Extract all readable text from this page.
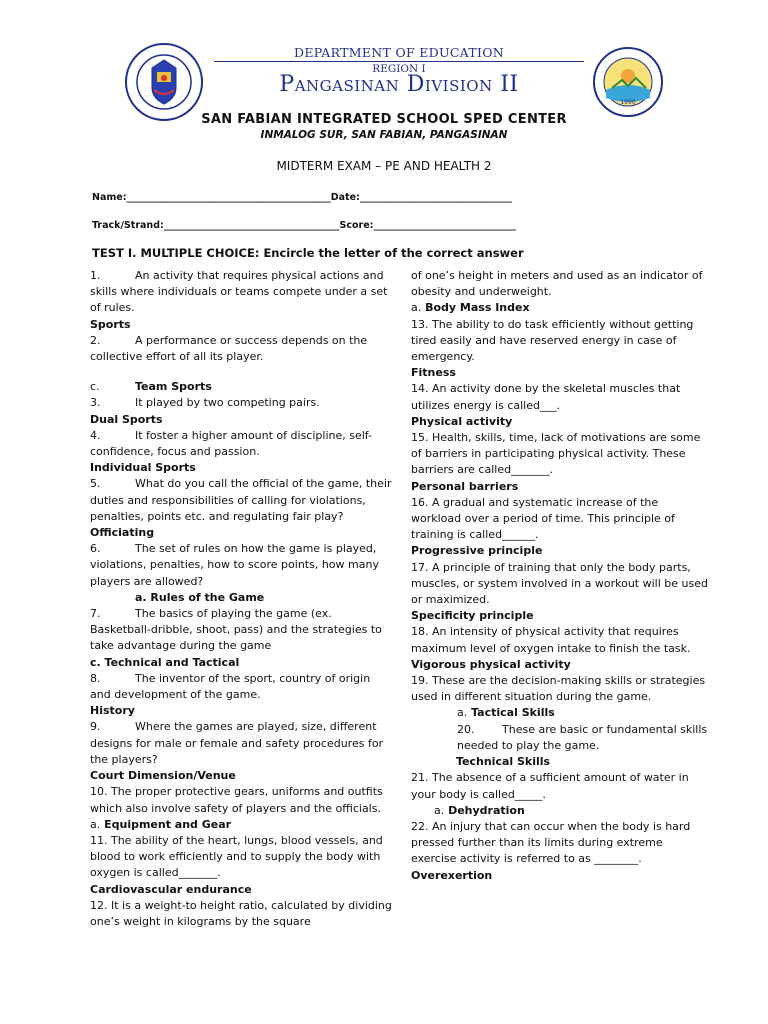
1990
DEPARTMENT OF EDUCATION
REGION I
Pangasinan Division II
SAN FABIAN INTEGRATED SCHOOL SPED CENTER
INMALOG SUR, SAN FABIAN, PANGASINAN
MIDTERM EXAM – PE AND HEALTH 2
Name:___________________________________________Date:________________________________
Track/Strand:_____________________________________Score:______________________________
TEST I. MULTIPLE CHOICE: Encircle the letter of the correct answer

1.	An activity that requires physical actions and skills where individuals or teams compete under a set of rules.

Sports

2.	A performance or success depends on the collective effort of all its player.

c.	Team Sports

3.	It played by two competing pairs.

Dual Sports

4.	It foster a higher amount of discipline, self-confidence, focus and passion.

Individual Sports

5.	What do you call the official of the game, their duties and responsibilities of calling for violations, penalties, points etc. and regulating fair play?

Officiating

6.	The set of rules on how the game is played, violations, penalties, how to score points, how many players are allowed?

a. Rules of the Game

7.	The basics of playing the game (ex. Basketball-dribble, shoot, pass) and the strategies to take advantage during the game

c. Technical and Tactical

8.	The inventor of the sport, country of origin and development of the game.

History

9.	Where the games are played, size, different designs for male or female and safety procedures for the players?

Court Dimension/Venue

10. The proper protective gears, uniforms and outfits which also involve safety of players and the officials.

a. Equipment and Gear

11. The ability of the heart, lungs, blood vessels, and blood to work efficiently and to supply the body with oxygen is called_______.

Cardiovascular endurance

12. It is a weight-to height ratio, calculated by dividing one’s weight in kilograms by the square

of one’s height in meters and used as an indicator of obesity and underweight.

a. Body Mass Index

13. The ability to do task efficiently without getting tired easily and have reserved energy in case of emergency.

Fitness

14. An activity done by the skeletal muscles that utilizes energy is called___.

Physical activity

15. Health, skills, time, lack of motivations are some of barriers in participating physical activity. These barriers are called_______.

Personal barriers

16. A gradual and systematic increase of the workload over a period of time. This principle of training is called______.

Progressive principle

17. A principle of training that only the body parts, muscles, or system involved in a workout will be used or maximized.

Specificity principle

18. An intensity of physical activity that requires maximum level of oxygen intake to finish the task.

Vigorous physical activity

19. These are the decision-making skills or strategies used in different situation during the game.

a. Tactical Skills

20.	These are basic or fundamental skills needed to play the game.

Technical Skills

21. The absence of a sufficient amount of water in your body is called_____.

a. Dehydration

22. An injury that can occur when the body is hard pressed further than its limits during extreme exercise activity is referred to as ________.

Overexertion
